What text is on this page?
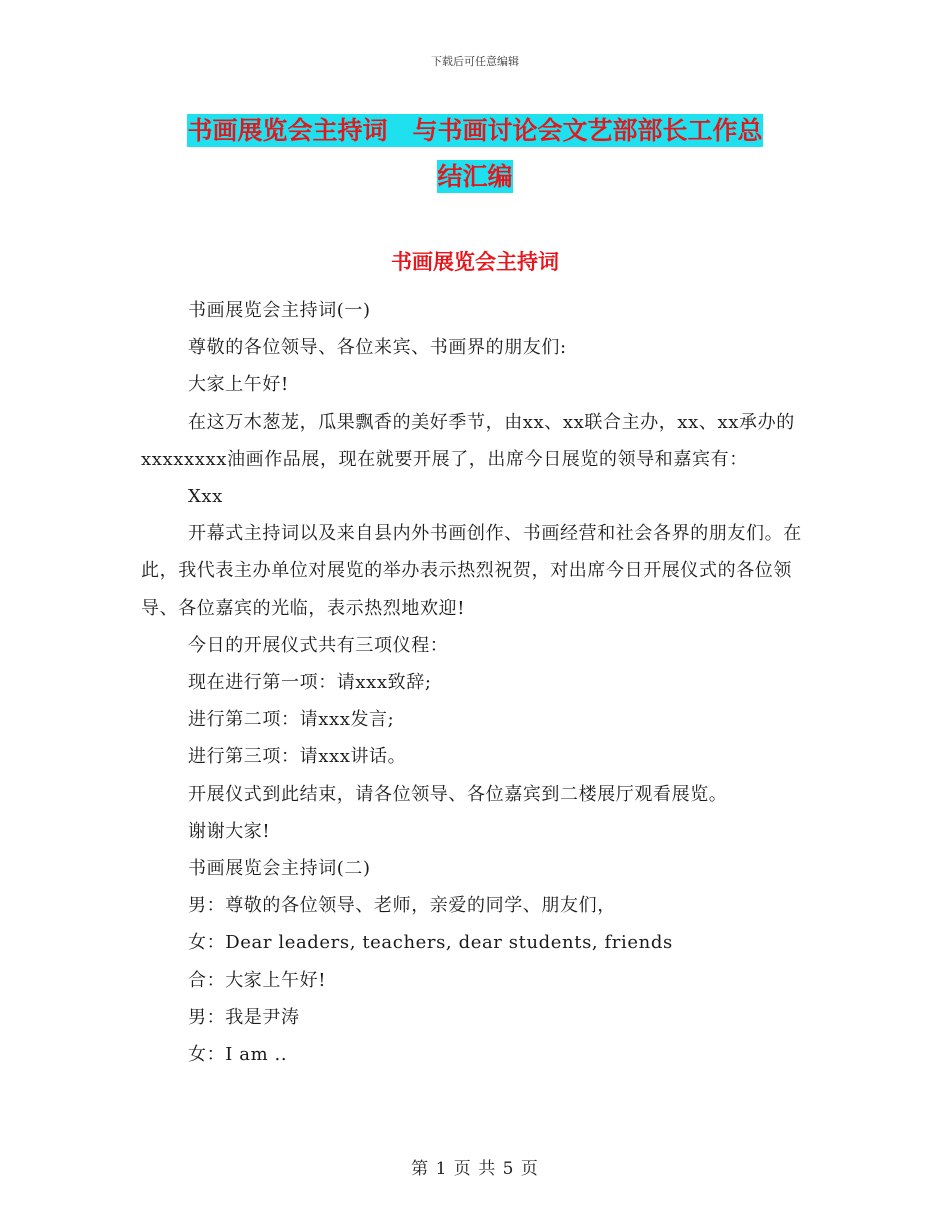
下载后可任意编辑
书画展览会主持词　与书画讨论会文艺部部长工作总
结汇编
书画展览会主持词

书画展览会主持词(一)

尊敬的各位领导、各位来宾、书画界的朋友们:

大家上午好!

在这万木葱茏，瓜果飘香的美好季节，由xx、xx联合主办，xx、xx承办的xxxxxxxx油画作品展，现在就要开展了，出席今日展览的领导和嘉宾有：

Xxx

开幕式主持词以及来自县内外书画创作、书画经营和社会各界的朋友们。在此，我代表主办单位对展览的举办表示热烈祝贺，对出席今日开展仪式的各位领导、各位嘉宾的光临，表示热烈地欢迎!

今日的开展仪式共有三项仪程：

现在进行第一项：请xxx致辞;

进行第二项：请xxx发言;

进行第三项：请xxx讲话。

开展仪式到此结束，请各位领导、各位嘉宾到二楼展厅观看展览。

谢谢大家!

书画展览会主持词(二)

男：尊敬的各位领导、老师，亲爱的同学、朋友们，

女：Dear leaders, teachers, dear students, friends

合：大家上午好!

男：我是尹涛

女：I am ..

第 1 页 共 5 页
